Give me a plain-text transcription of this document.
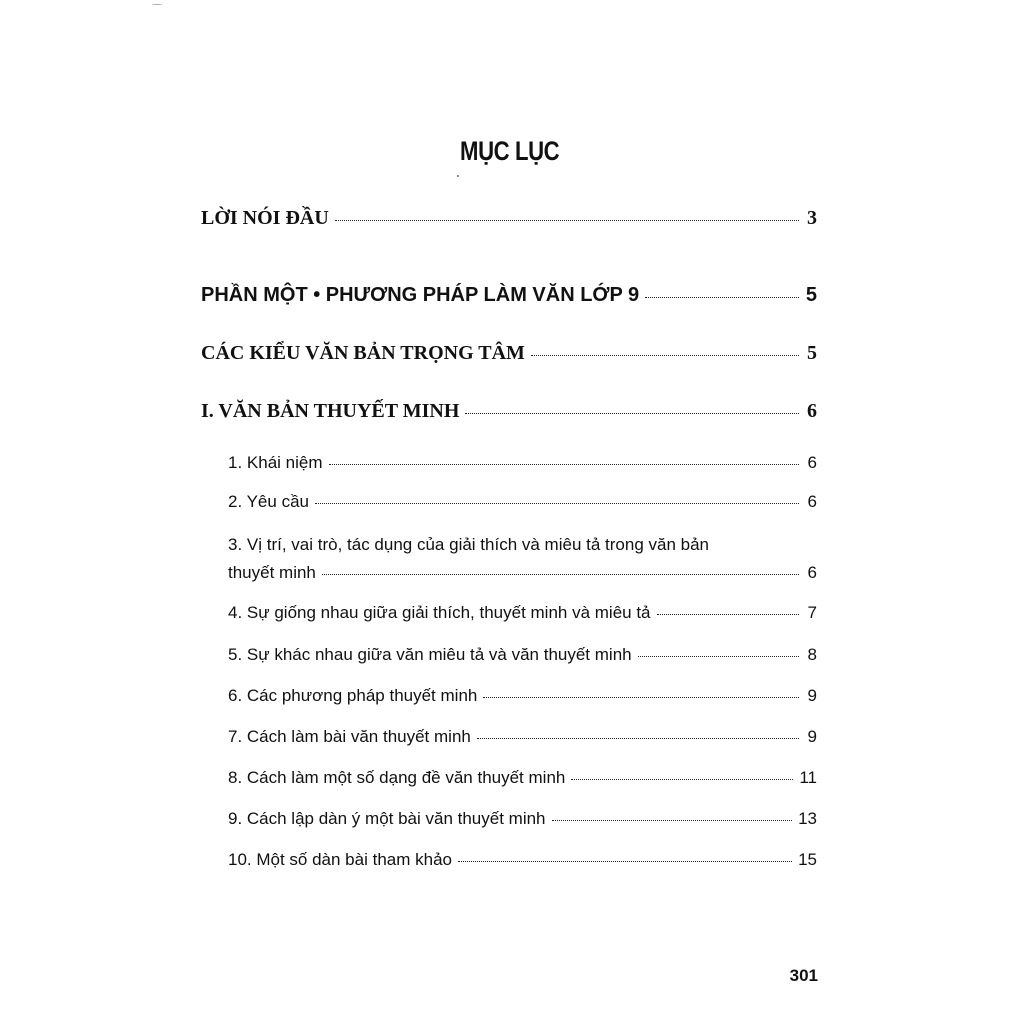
MỤC LỤC
LỜI NÓI ĐẦU	3
PHẦN MỘT • PHƯƠNG PHÁP LÀM VĂN LỚP 9	5
CÁC KIỂU VĂN BẢN TRỌNG TÂM	5
I. VĂN BẢN THUYẾT MINH	6
1. Khái niệm	6
2. Yêu cầu	6
3. Vị trí, vai trò, tác dụng của giải thích và miêu tả trong văn bản
thuyết minh	6
4. Sự giống nhau giữa giải thích, thuyết minh và miêu tả	7
5. Sự khác nhau giữa văn miêu tả và văn thuyết minh	8
6. Các phương pháp thuyết minh	9
7. Cách làm bài văn thuyết minh	9
8. Cách làm một số dạng đề văn thuyết minh	11
9. Cách lập dàn ý một bài văn thuyết minh	13
10. Một số dàn bài tham khảo	15
301
